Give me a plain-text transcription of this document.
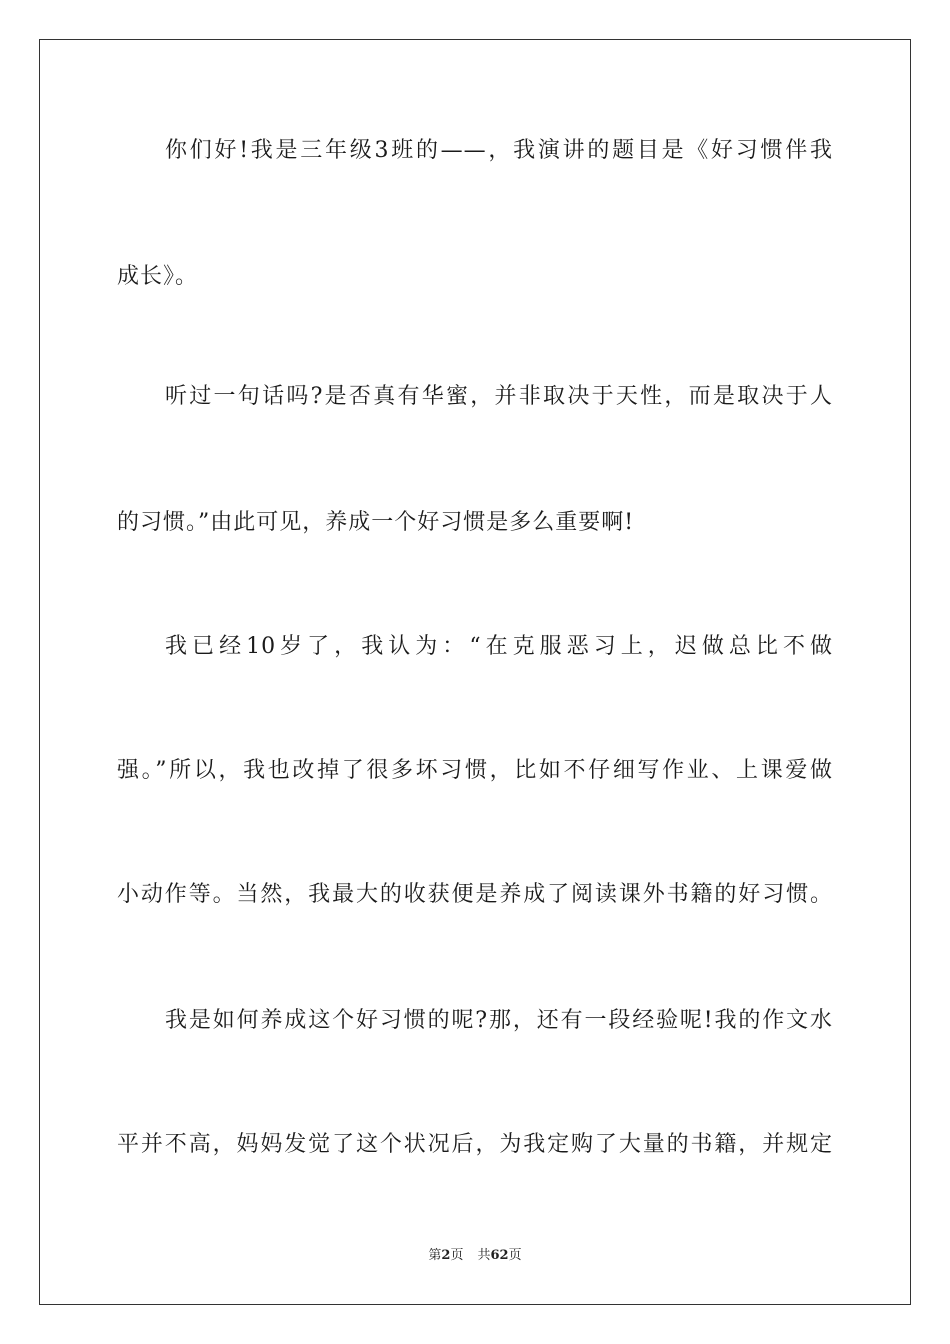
你们好!我是三年级3班的——，我演讲的题目是《好习惯伴我
成长》。
听过一句话吗?是否真有华蜜，并非取决于天性，而是取决于人
的习惯。”由此可见，养成一个好习惯是多么重要啊!
我已经10岁了，我认为：“在克服恶习上，迟做总比不做
强。”所以，我也改掉了很多坏习惯，比如不仔细写作业、上课爱做
小动作等。当然，我最大的收获便是养成了阅读课外书籍的好习惯。
我是如何养成这个好习惯的呢?那，还有一段经验呢!我的作文水
平并不高，妈妈发觉了这个状况后，为我定购了大量的书籍，并规定
第2页 共62页
